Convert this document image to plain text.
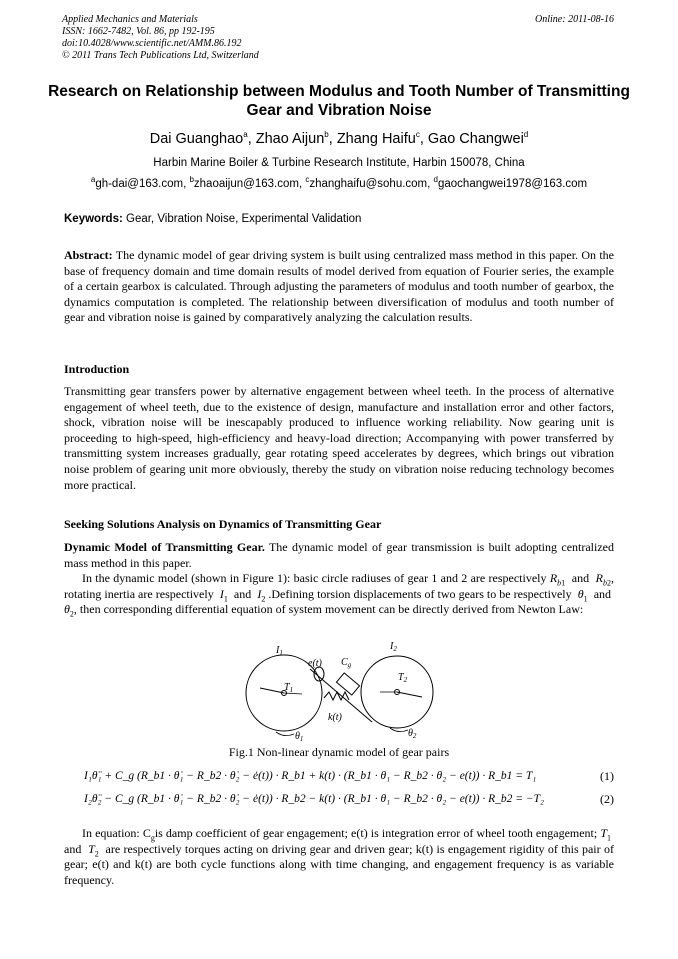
Applied Mechanics and Materials
ISSN: 1662-7482, Vol. 86, pp 192-195
doi:10.4028/www.scientific.net/AMM.86.192
© 2011 Trans Tech Publications Ltd, Switzerland
Online: 2011-08-16
Research on Relationship between Modulus and Tooth Number of Transmitting Gear and Vibration Noise
Dai Guanghao$^a$, Zhao Aijun$^b$, Zhang Haifu$^c$, Gao Changwei$^d$
Harbin Marine Boiler & Turbine Research Institute, Harbin 150078, China
$^a$gh-dai@163.com, $^b$zhaoaijun@163.com, $^c$zhanghaifu@sohu.com, $^d$gaochangwei1978@163.com
Keywords: Gear, Vibration Noise, Experimental Validation
Abstract: The dynamic model of gear driving system is built using centralized mass method in this paper. On the base of frequency domain and time domain results of model derived from equation of Fourier series, the example of a certain gearbox is calculated. Through adjusting the parameters of modulus and tooth number of gearbox, the dynamics computation is completed. The relationship between diversification of modulus and tooth number of gear and vibration noise is gained by comparatively analyzing the calculation results.
Introduction
Transmitting gear transfers power by alternative engagement between wheel teeth. In the process of alternative engagement of wheel teeth, due to the existence of design, manufacture and installation error and other factors, shock, vibration noise will be inescapably produced to influence working reliability. Now gearing unit is proceeding to high-speed, high-efficiency and heavy-load direction; Accompanying with power transferred by transmitting system increases gradually, gear rotating speed accelerates by degrees, which brings out vibration noise problem of gearing unit more obviously, thereby the study on vibration noise reducing technology becomes more practical.
Seeking Solutions Analysis on Dynamics of Transmitting Gear
Dynamic Model of Transmitting Gear. The dynamic model of gear transmission is built adopting centralized mass method in this paper.
In the dynamic model (shown in Figure 1): basic circle radiuses of gear 1 and 2 are respectively $R_{b1}$ and $R_{b2}$, rotating inertia are respectively $I_1$ and $I_2$ .Defining torsion displacements of two gears to be respectively $\theta_1$ and  $\theta_2$, then corresponding differential equation of system movement can be directly derived from Newton Law:
$I_1$
$T_1$
e(t) $C_g$
k(t)
$I_2$
$T_2$
$\theta_1$	$\theta_2$
Fig.1 Non-linear dynamic model of gear pairs
I₁θ̈₁ + C_g (R_b1 · θ̇₁ − R_b2 · θ̇₂ − ė(t)) · R_b1 + k(t) · (R_b1 · θ₁ − R_b2 · θ₂ − e(t)) · R_b1 = T₁	(1)
I₂θ̈₂ − C_g (R_b1 · θ̇₁ − R_b2 · θ̇₂ − ė(t)) · R_b2 − k(t) · (R_b1 · θ₁ − R_b2 · θ₂ − e(t)) · R_b2 = −T₂	(2)
In equation: $C_gis$ damp coefficient of gear engagement; e(t) is integration error of wheel tooth engagement; $T_1$  and $T_2$ are respectively torques acting on driving gear and driven gear; k(t) is engagement rigidity of this pair of gear; e(t) and k(t) are both cycle functions along with time changing, and engagement frequency is as variable frequency.
